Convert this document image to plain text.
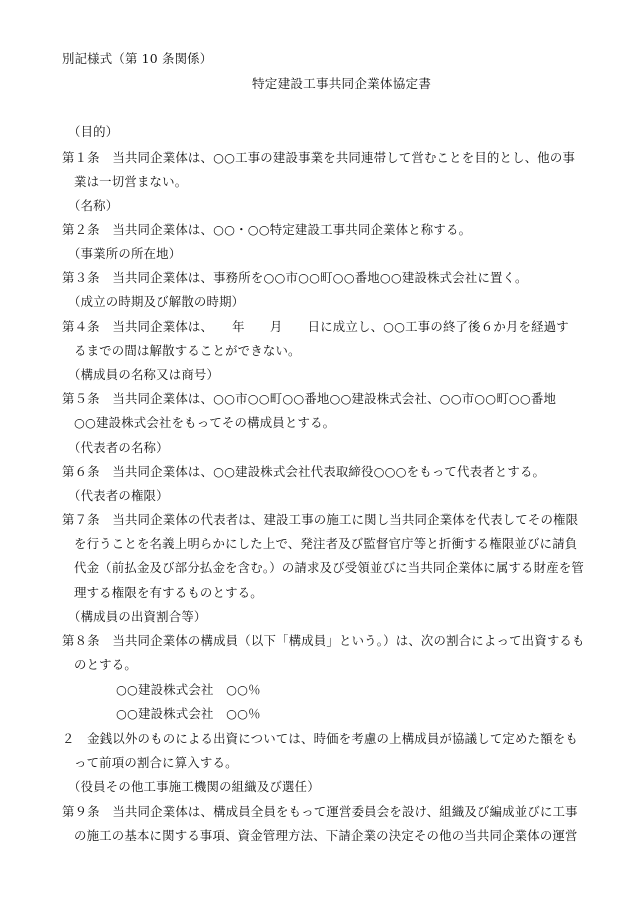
別記様式（第 10 条関係）
特定建設工事共同企業体協定書
（目的）
第１条　当共同企業体は、○○工事の建設事業を共同連帯して営むことを目的とし、他の事
業は一切営まない。
（名称）
第２条　当共同企業体は、○○・○○特定建設工事共同企業体と称する。
（事業所の所在地）
第３条　当共同企業体は、事務所を○○市○○町○○番地○○建設株式会社に置く。
（成立の時期及び解散の時期）
第４条　当共同企業体は、　　年　　月　　日に成立し、○○工事の終了後６か月を経過す
るまでの間は解散することができない。
（構成員の名称又は商号）
第５条　当共同企業体は、○○市○○町○○番地○○建設株式会社、○○市○○町○○番地
○○建設株式会社をもってその構成員とする。
（代表者の名称）
第６条　当共同企業体は、○○建設株式会社代表取締役○○○をもって代表者とする。
（代表者の権限）
第７条　当共同企業体の代表者は、建設工事の施工に関し当共同企業体を代表してその権限
を行うことを名義上明らかにした上で、発注者及び監督官庁等と折衝する権限並びに請負
代金（前払金及び部分払金を含む。）の請求及び受領並びに当共同企業体に属する財産を管
理する権限を有するものとする。
（構成員の出資割合等）
第８条　当共同企業体の構成員（以下「構成員」という。）は、次の割合によって出資するも
のとする。
○○建設株式会社　○○％
○○建設株式会社　○○％
２　金銭以外のものによる出資については、時価を考慮の上構成員が協議して定めた額をも
って前項の割合に算入する。
（役員その他工事施工機関の組織及び選任）
第９条　当共同企業体は、構成員全員をもって運営委員会を設け、組織及び編成並びに工事
の施工の基本に関する事項、資金管理方法、下請企業の決定その他の当共同企業体の運営
